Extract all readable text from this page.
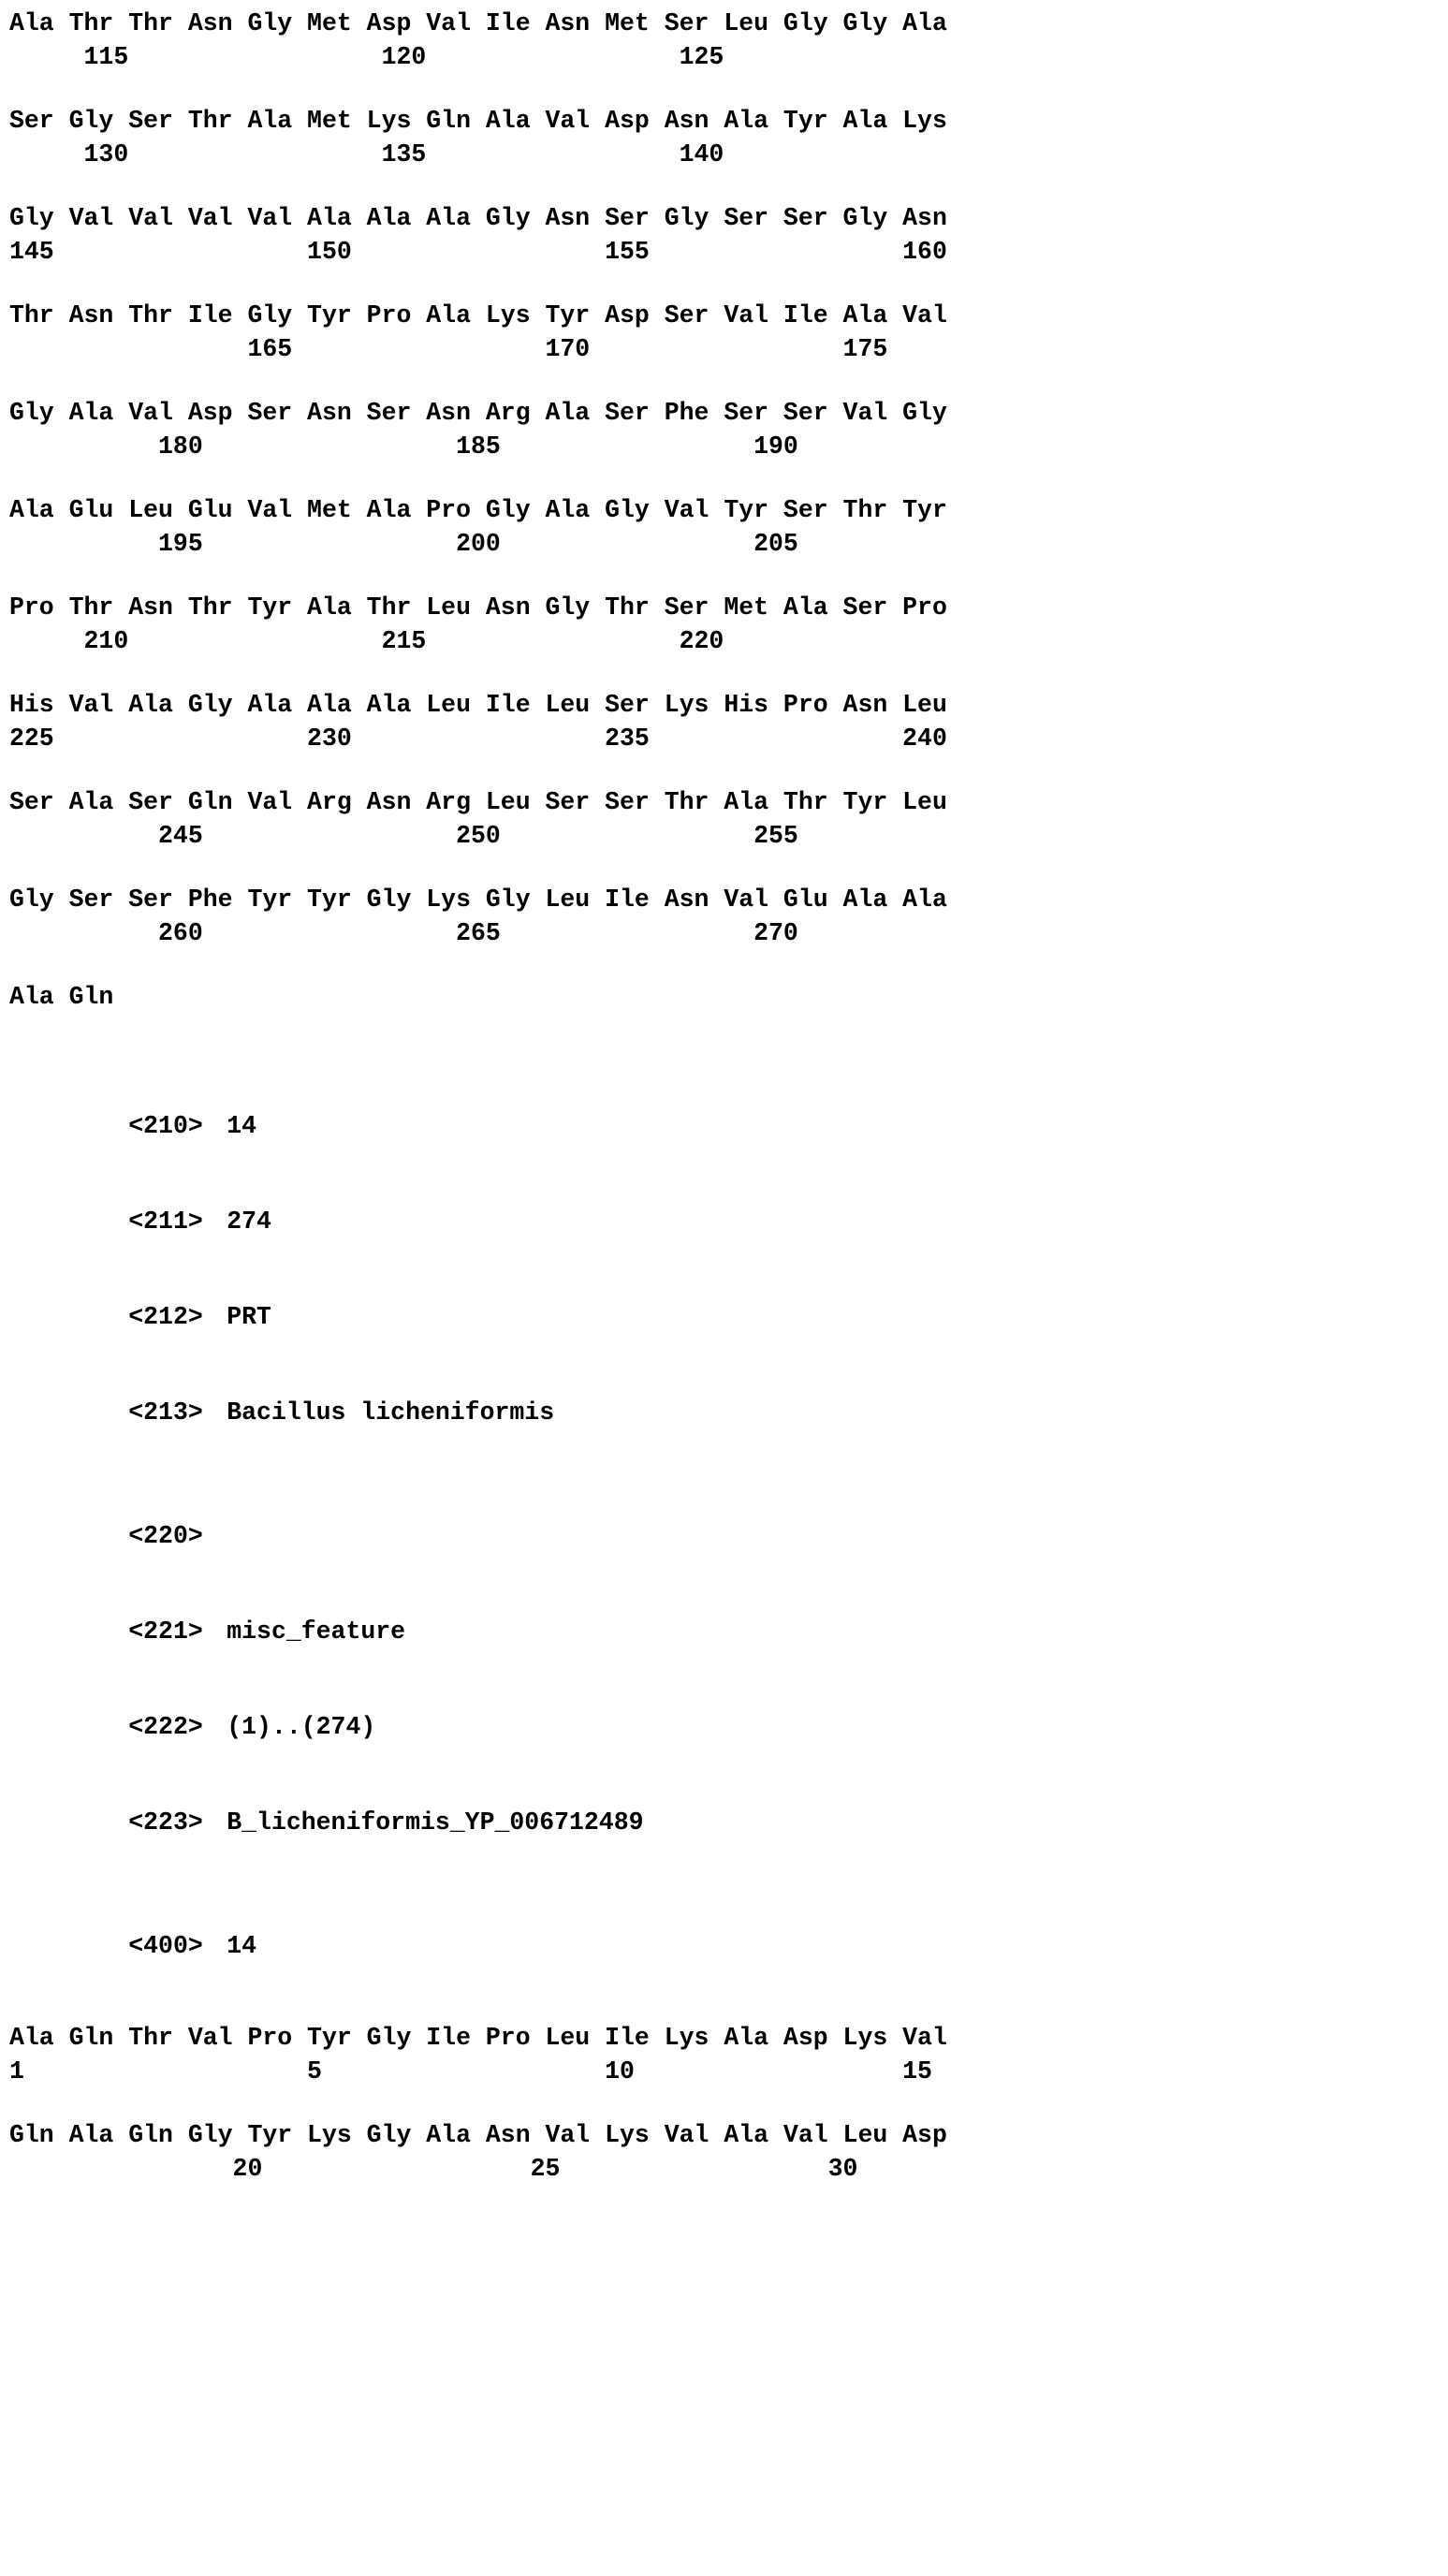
Ala Thr Thr Asn Gly Met Asp Val Ile Asn Met Ser Leu Gly Gly Ala
115                 120                 125
Ser Gly Ser Thr Ala Met Lys Gln Ala Val Asp Asn Ala Tyr Ala Lys
130                 135                 140
Gly Val Val Val Val Ala Ala Ala Gly Asn Ser Gly Ser Ser Gly Asn
145                 150                 155                 160
Thr Asn Thr Ile Gly Tyr Pro Ala Lys Tyr Asp Ser Val Ile Ala Val
165                 170                 175
Gly Ala Val Asp Ser Asn Ser Asn Arg Ala Ser Phe Ser Ser Val Gly
180                 185                 190
Ala Glu Leu Glu Val Met Ala Pro Gly Ala Gly Val Tyr Ser Thr Tyr
195                 200                 205
Pro Thr Asn Thr Tyr Ala Thr Leu Asn Gly Thr Ser Met Ala Ser Pro
210                 215                 220
His Val Ala Gly Ala Ala Ala Leu Ile Leu Ser Lys His Pro Asn Leu
225                 230                 235                 240
Ser Ala Ser Gln Val Arg Asn Arg Leu Ser Ser Thr Ala Thr Tyr Leu
245                 250                 255
Gly Ser Ser Phe Tyr Tyr Gly Lys Gly Leu Ile Asn Val Glu Ala Ala
260                 265                 270
Ala Gln

<210> 14

<211> 274

<212> PRT

<213> Bacillus licheniformis

<220>

<221> misc_feature

<222> (1)..(274)

<223> B_licheniformis_YP_006712489

<400> 14

Ala Gln Thr Val Pro Tyr Gly Ile Pro Leu Ile Lys Ala Asp Lys Val
1                   5                   10                  15
Gln Ala Gln Gly Tyr Lys Gly Ala Asn Val Lys Val Ala Val Leu Asp
20                  25                  30
